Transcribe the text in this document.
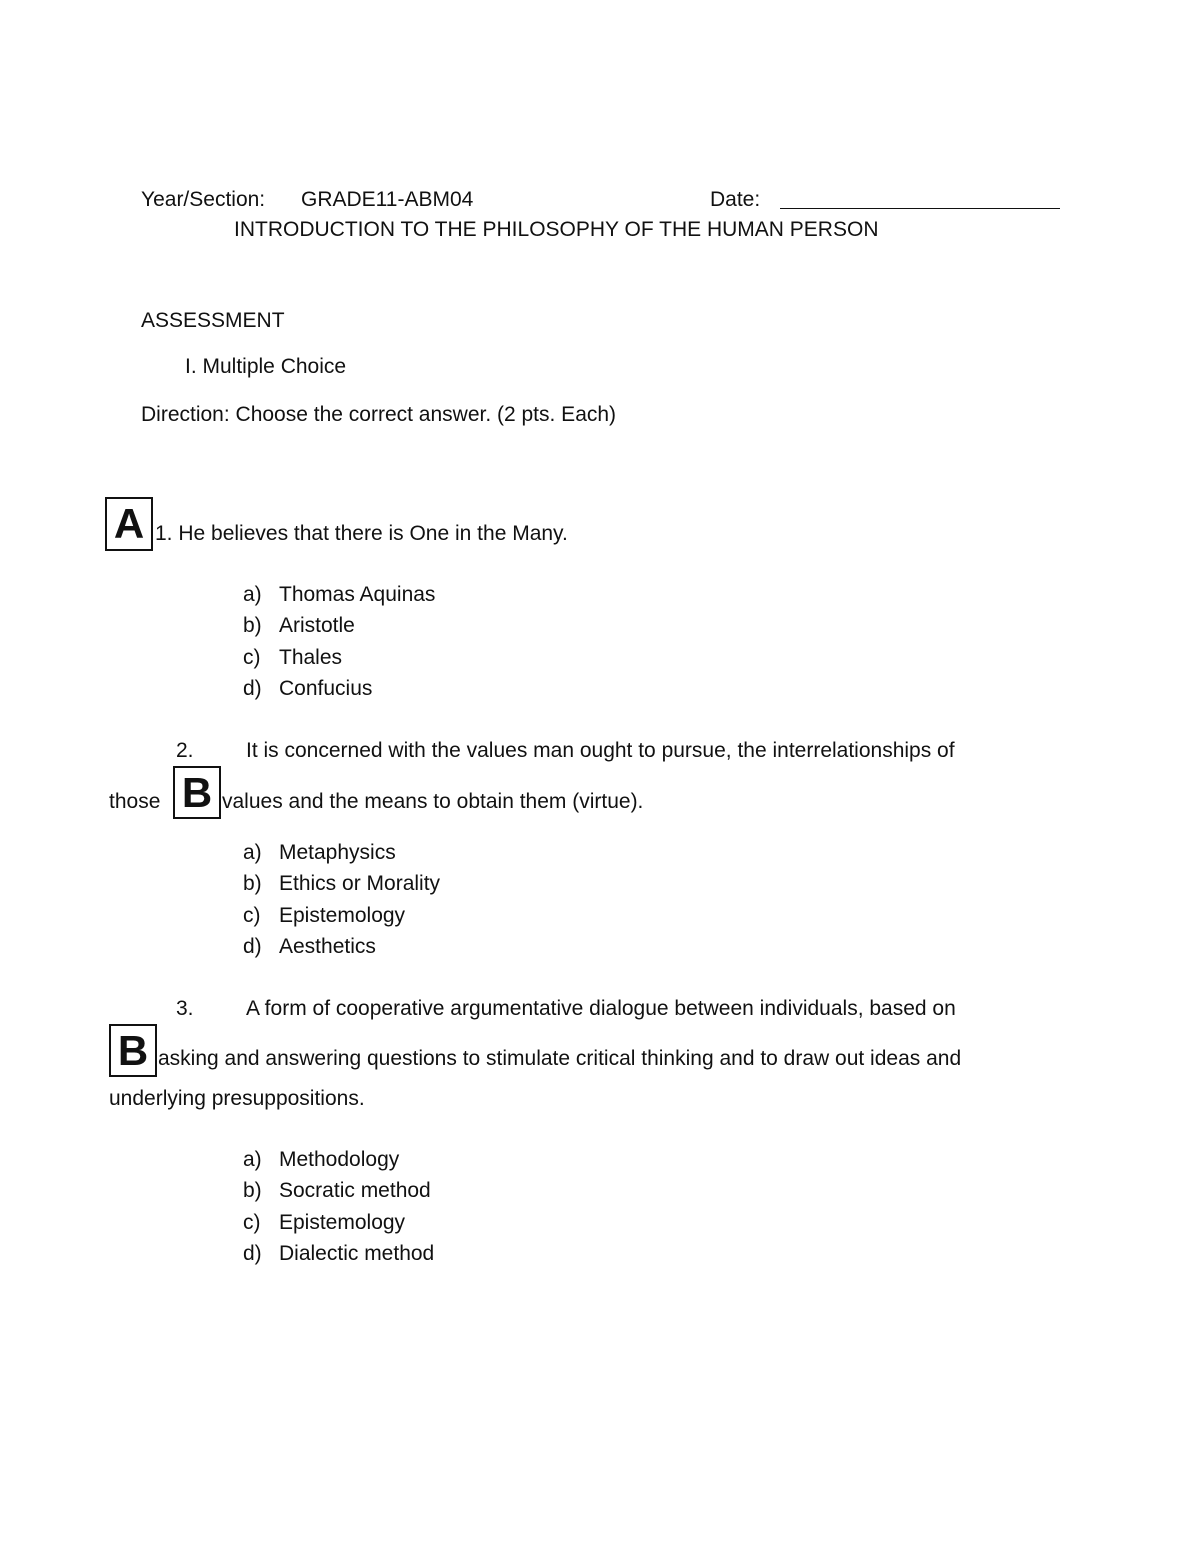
Year/Section: GRADE11-ABM04	Date:
INTRODUCTION TO THE PHILOSOPHY OF THE HUMAN PERSON
ASSESSMENT
I. Multiple Choice
Direction: Choose the correct answer. (2 pts. Each)
A 1. He believes that there is One in the Many.
a) Thomas Aquinas
b) Aristotle
c) Thales
d) Confucius
2. It is concerned with the values man ought to pursue, the interrelationships of
those B values and the means to obtain them (virtue).
a) Metaphysics
b) Ethics or Morality
c) Epistemology
d) Aesthetics
3. A form of cooperative argumentative dialogue between individuals, based on
B asking and answering questions to stimulate critical thinking and to draw out ideas and
underlying presuppositions.
a) Methodology
b) Socratic method
c) Epistemology
d) Dialectic method
